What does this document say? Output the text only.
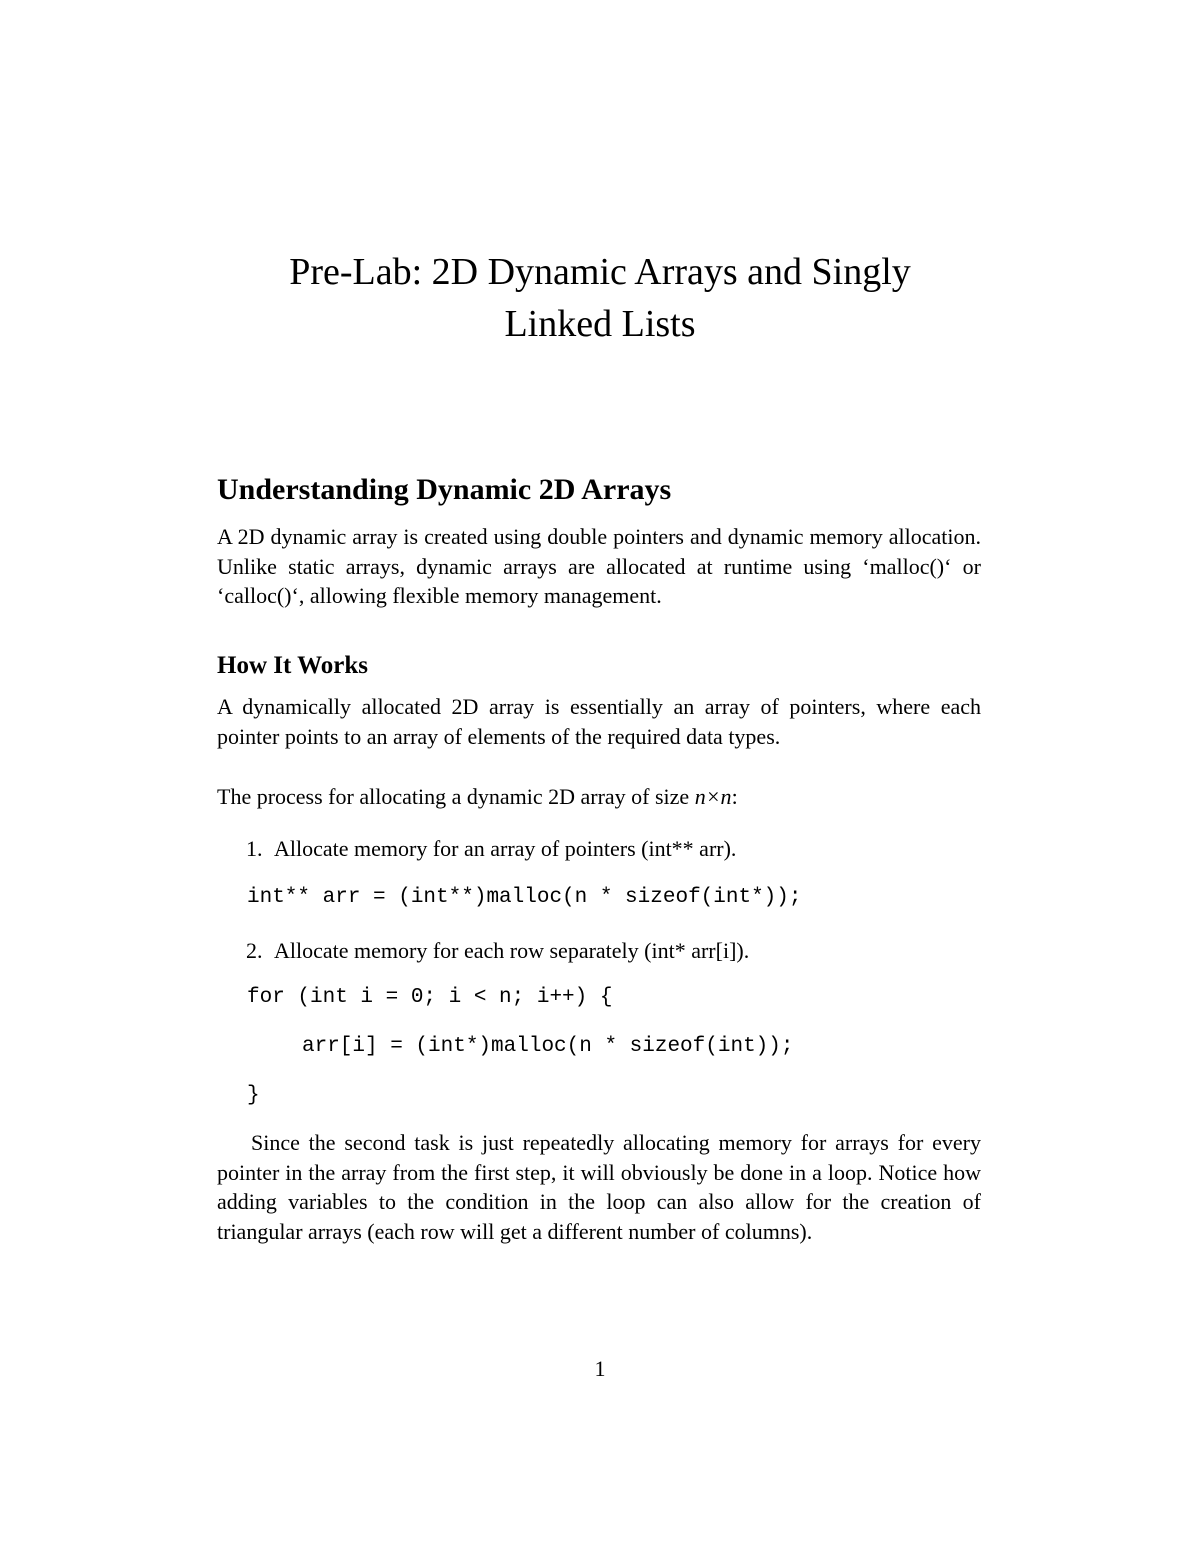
Pre-Lab: 2D Dynamic Arrays and Singly
Linked Lists
Understanding Dynamic 2D Arrays

A 2D dynamic array is created using double pointers and dynamic memory allocation. Unlike static arrays, dynamic arrays are allocated at runtime using ‘malloc()‘ or ‘calloc()‘, allowing flexible memory management.

How It Works

A dynamically allocated 2D array is essentially an array of pointers, where each pointer points to an array of elements of the required data types.

The process for allocating a dynamic 2D array of size n×n:

1. Allocate memory for an array of pointers (int** arr).

int** arr = (int**)malloc(n * sizeof(int*));

2. Allocate memory for each row separately (int* arr[i]).

for (int i = 0; i < n; i++) {
arr[i] = (int*)malloc(n * sizeof(int));
}

Since the second task is just repeatedly allocating memory for arrays for every pointer in the array from the first step, it will obviously be done in a loop. Notice how adding variables to the condition in the loop can also allow for the creation of triangular arrays (each row will get a different number of columns).

1
